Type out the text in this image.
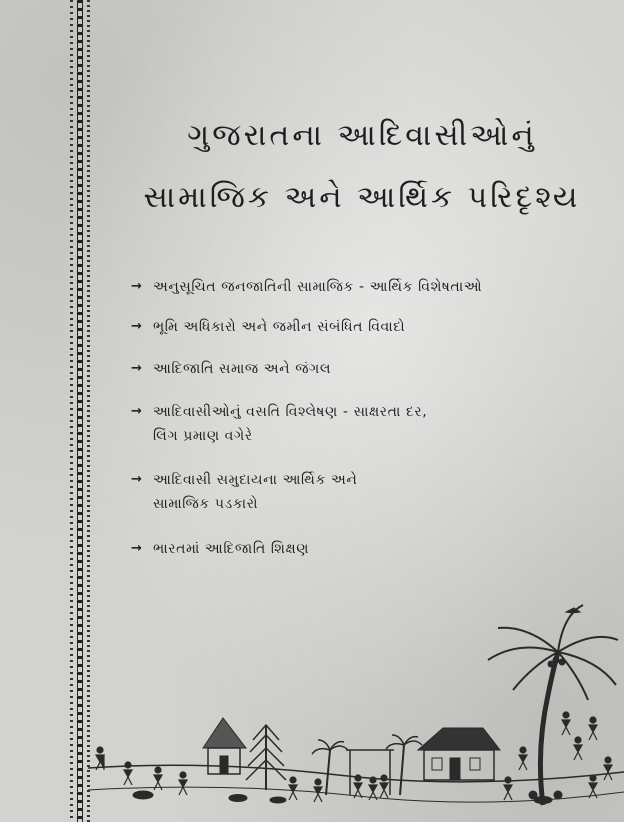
ગુજરાતના આદિવાસીઓનું
સામાજિક અને આર્થિક પરિદૃશ્ય
→ અનુસૂચિત જનજાતિની સામાજિક - આર્થિક વિશેષતાઓ
→ ભૂમિ અધિકારો અને જમીન સંબંધિત વિવાદો
→ આદિજાતિ સમાજ અને જંગલ
→ આદિવાસીઓનું વસતિ વિશ્લેષણ - સાક્ષરતા દર,
લિંગ પ્રમાણ વગેરે
→ આદિવાસી સમુદાયના આર્થિક અને
સામાજિક પડકારો
→ ભારતમાં આદિજાતિ શિક્ષણ
